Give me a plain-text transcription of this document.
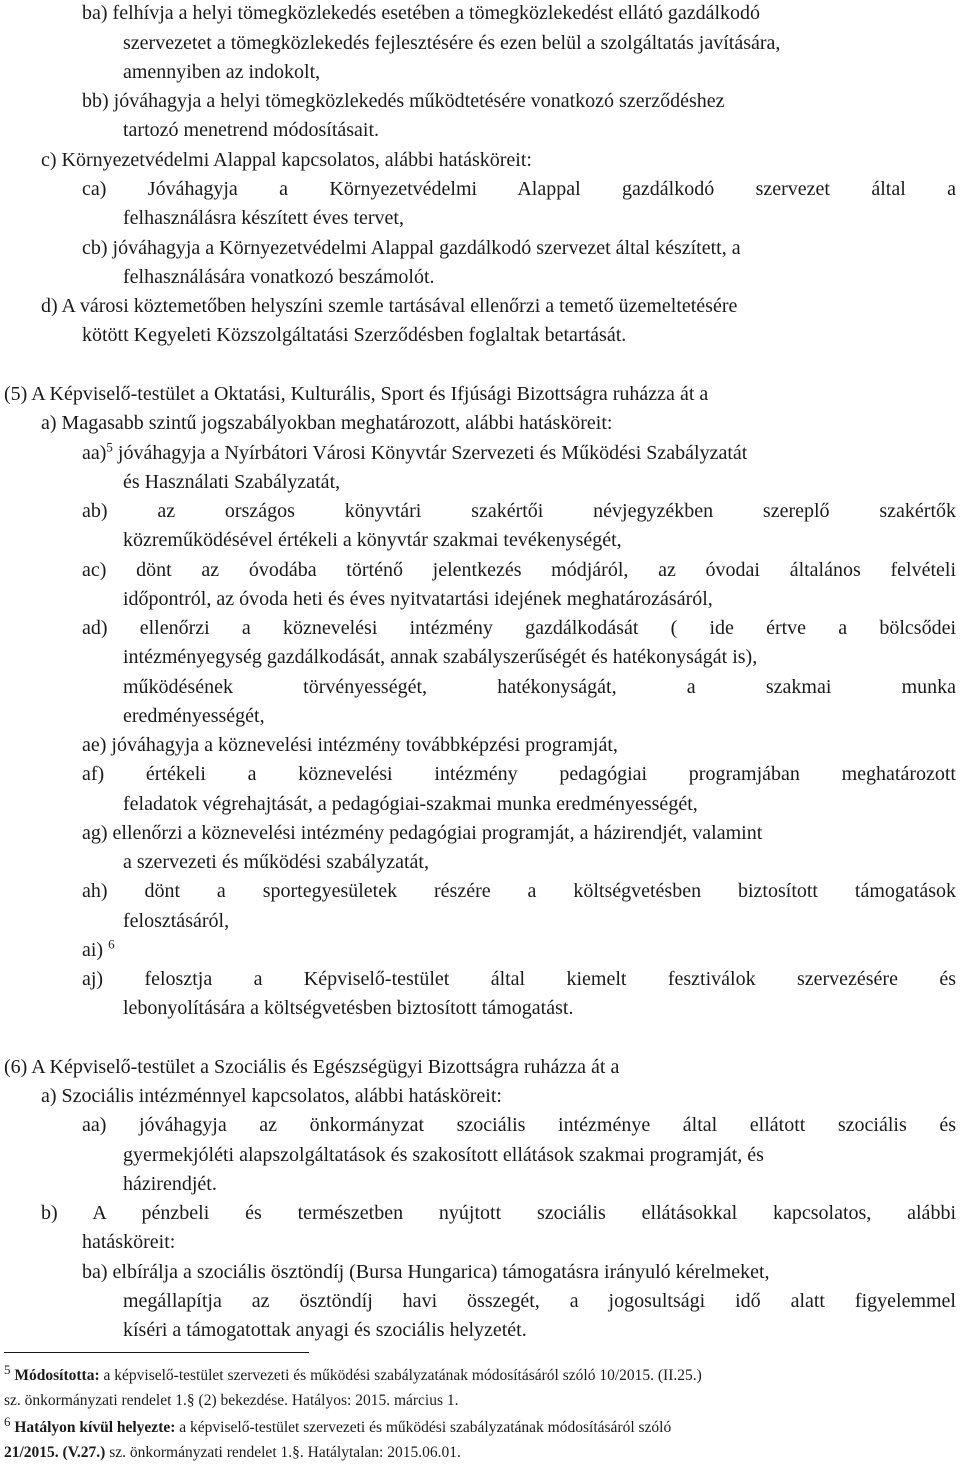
ba) felhívja a helyi tömegközlekedés esetében a tömegközlekedést ellátó gazdálkodó
szervezetet a tömegközlekedés fejlesztésére és ezen belül a szolgáltatás javítására,
amennyiben az indokolt,
bb) jóváhagyja a helyi tömegközlekedés működtetésére vonatkozó szerződéshez
tartozó menetrend módosításait.
c) Környezetvédelmi Alappal kapcsolatos, alábbi hatásköreit:
ca) Jóváhagyja a Környezetvédelmi Alappal gazdálkodó szervezet által a
felhasználásra készített éves tervet,
cb) jóváhagyja a Környezetvédelmi Alappal gazdálkodó szervezet által készített, a
felhasználására vonatkozó beszámolót.
d) A városi köztemetőben helyszíni szemle tartásával ellenőrzi a temető üzemeltetésére
kötött Kegyeleti Közszolgáltatási Szerződésben foglaltak betartását.
(5) A Képviselő-testület a Oktatási, Kulturális, Sport és Ifjúsági Bizottságra ruházza át a
a) Magasabb szintű jogszabályokban meghatározott, alábbi hatásköreit:
aa)$^5$ jóváhagyja a Nyírbátori Városi Könyvtár Szervezeti és Működési Szabályzatát
és Használati Szabályzatát,
ab) az országos könyvtári szakértői névjegyzékben szereplő szakértők
közreműködésével értékeli a könyvtár szakmai tevékenységét,
ac) dönt az óvodába történő jelentkezés módjáról, az óvodai általános felvételi
időpontról, az óvoda heti és éves nyitvatartási idejének meghatározásáról,
ad) ellenőrzi a köznevelési intézmény gazdálkodását ( ide értve a bölcsődei
intézményegység gazdálkodását, annak szabályszerűségét és hatékonyságát is),
működésének törvényességét, hatékonyságát, a szakmai munka
eredményességét,
ae) jóváhagyja a köznevelési intézmény továbbképzési programját,
af) értékeli a köznevelési intézmény pedagógiai programjában meghatározott
feladatok végrehajtását, a pedagógiai-szakmai munka eredményességét,
ag) ellenőrzi a köznevelési intézmény pedagógiai programját, a házirendjét, valamint
a szervezeti és működési szabályzatát,
ah) dönt a sportegyesületek részére a költségvetésben biztosított támogatások
felosztásáról,
ai) $^6$
aj) felosztja a Képviselő-testület által kiemelt fesztiválok szervezésére és
lebonyolítására a költségvetésben biztosított támogatást.
(6) A Képviselő-testület a Szociális és Egészségügyi Bizottságra ruházza át a
a) Szociális intézménnyel kapcsolatos, alábbi hatásköreit:
aa) jóváhagyja az önkormányzat szociális intézménye által ellátott szociális és
gyermekjóléti alapszolgáltatások és szakosított ellátások szakmai programját, és
házirendjét.
b) A pénzbeli és természetben nyújtott szociális ellátásokkal kapcsolatos, alábbi
hatásköreit:
ba) elbírálja a szociális ösztöndíj (Bursa Hungarica) támogatásra irányuló kérelmeket,
megállapítja az ösztöndíj havi összegét, a jogosultsági idő alatt figyelemmel
kíséri a támogatottak anyagi és szociális helyzetét.
$^5$ Módosította: a képviselő-testület szervezeti és működési szabályzatának módosításáról szóló 10/2015. (II.25.)
sz. önkormányzati rendelet 1.§ (2) bekezdése. Hatályos: 2015. március 1.
$^6$ Hatályon kívül helyezte: a képviselő-testület szervezeti és működési szabályzatának módosításáról szóló
21/2015. (V.27.) sz. önkormányzati rendelet 1.§. Hatálytalan: 2015.06.01.
